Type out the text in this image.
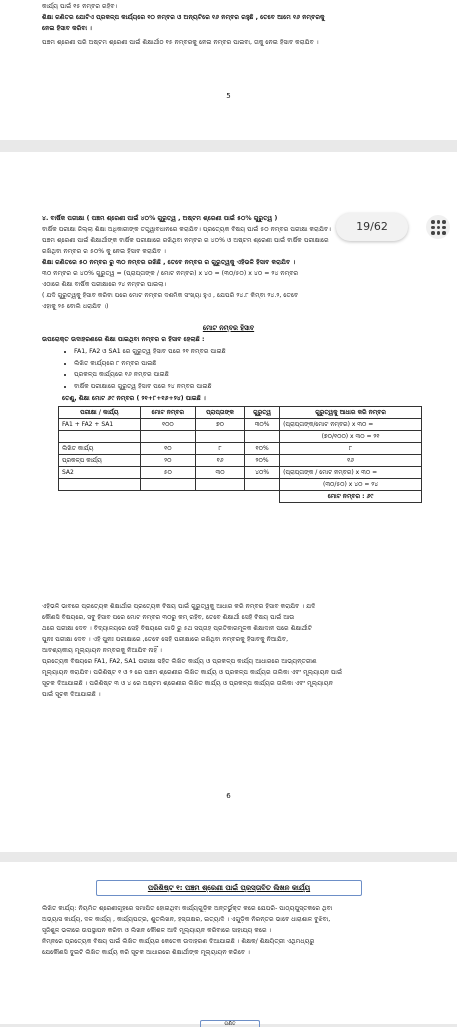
କାର୍ଯ୍ୟ ପାଇଁ ୧୫ ନମ୍ବର ରହିବ।
ଶିକ୍ଷା ଗଣିତର ଯୋଟିଏ ପ୍ରକଳ୍ପ କାର୍ଯ୍ୟରେ ୧୦ ନମ୍ବର ଓ ଅନ୍ୟଟିରେ ୧୬ ନମ୍ବର ରହୁଛି , ତେବେ ଆମେ ୧୬ ନମ୍ବରକୁ
ନେଇ ହିସାବ କରିବା ।
ପଞ୍ଚମ ଶ୍ରେଣୀ ପରି ଅଷ୍ଟମ ଶ୍ରେଣୀ ପାଇଁ ଶିକ୍ଷାର୍ଥୀଠ ୧୫ ନମ୍ବରକୁ ନେଇ ନମ୍ବର ପାଇବା, ତାକୁ ନେଇ ହିସାବ କରାଯିବ ।
5
୪. ବାର୍ଷିକ ପରୀକ୍ଷା ( ପଞ୍ଚମ ଶ୍ରେଣୀ ପାଇଁ ୪୦% ଗୁରୁତ୍ୱ , ଅଷ୍ଟମ ଶ୍ରେଣୀ ପାଇଁ ୫୦% ଗୁରୁତ୍ୱ )
ବାର୍ଷିକ ପରୀକ୍ଷା ଜିଲ୍ଲା ଶିକ୍ଷା ଅଧିକାରୀଙ୍କ ତତ୍ତ୍ୱାବଧାନରେ କରାଯିବ। ପ୍ରତ୍ୟେକ ବିଷୟ ପାଇଁ ୫୦ ନମ୍ବର ପରୀକ୍ଷା କରାଯିବ।
ପଞ୍ଚମ ଶ୍ରେଣୀ ପାଇଁ ଶିକ୍ଷାର୍ଥୀଙ୍କ ବାର୍ଷିକ ପରୀକ୍ଷାରେ ରଖିଥିବା ନମ୍ବର ର ୪୦% ଓ ଅଷ୍ଟମ ଶ୍ରେଣୀ ପାଇଁ ବାର୍ଷିକ ପରୀକ୍ଷାରେ
ରଖିଥିବା ନମ୍ବର ର ୫୦% କୁ ନେଇ ହିସାବ କରାଯିବ ।
ଶିକ୍ଷା ଗଣିତରେ ୫୦ ନମ୍ବର ରୁ ୩୦ ନମ୍ବର ରଖିଛି , ତେବେ ନମ୍ବର ର ଗୁରୁତ୍ୱକୁ ଏହିଭଳି ହିସାବ କରାଯିବ ।
୩୦ ନମ୍ବର ର ୪୦% ଗୁରୁତ୍ୱ = (ପ୍ରାପ୍ତାଙ୍କ / ମୋଟ ନମ୍ବର) x ୪୦ = (୩୦/୫୦) x ୪୦ = ୨୪ ନମ୍ବର
ଏଠାରେ ଶିକ୍ଷା ବାର୍ଷିକ ପରୀକ୍ଷାରେ ୨୪ ନମ୍ବର ପାଇଲା।
( ଯଦି ଗୁରୁତ୍ୱକୁ ହିସାବ କରିବା ପରେ ମୋଟ ନମ୍ବର ଦଶମିକ ସଂଖ୍ୟା ହୁଏ , ଯେପରି ୨୪.୮ କିମ୍ବା ୨୪.୨, ତେବେ
ଏହାକୁ ୨୫ ବୋଲି ଧରାଯିବ ।)
ମୋଟ ନମ୍ବର ହିସାବ
ଉପରୋକ୍ତ ଉଦାହରଣରେ ଶିକ୍ଷା ପାଇଥିବା ନମ୍ବର ର ହିସାବ ହେଲାଛି :
• FA1, FA2 ଓ SA1 ରେ ଗୁରୁତ୍ୱ ହିସାବ ପରେ ୨୧ ନମ୍ବର ପାଇଛି
• ଲିଖିତ କାର୍ଯ୍ୟରେ ୮ ନମ୍ବର ପାଇଛି
• ପ୍ରକଳ୍ପ କାର୍ଯ୍ୟରେ ୧୬ ନମ୍ବର ପାଇଛି
• ବାର୍ଷିକ ପରୀକ୍ଷାରେ ଗୁରୁତ୍ୱ ହିସାବ ପରେ ୨୪ ନମ୍ବର ପାଇଛି
ତେଣୁ, ଶିକ୍ଷା ମୋଟ ୬୯ ନମ୍ବର ( ୨୧+୮+୧୬+୨୪) ପାଇଛି ।
ପରୀକ୍ଷା / କାର୍ଯ୍ୟ	ମୋଟ ନମ୍ବର	ପ୍ରାପ୍ତାଙ୍କ	ଗୁରୁତ୍ୱ	ଗୁରୁତ୍ୱକୁ ଆଧାର କରି ନମ୍ବର
FA1 + FA2 + SA1	୧୦୦	୭୦	୩୦%	(ପ୍ରାପ୍ତାଙ୍କ/ମୋଟ ନମ୍ବର) x ୩୦ =
				(୭୦/୧୦୦) x ୩୦ = ୨୧
ଲିଖିତ କାର୍ଯ୍ୟ	୧୦	୮	୧୦%	୮
ପ୍ରକଳ୍ପ କାର୍ଯ୍ୟ	୨୦	୧୬	୨୦%	୧୬
SA2	୫୦	୩୦	୪୦%	(ପ୍ରାପ୍ତାଙ୍କ / ମୋଟ ନମ୍ବର) x ୩୦ =
				(୩୦/୫୦) x ୪୦ = ୨୪
				ମୋଟ ନମ୍ବର : ୬୯
ଏହିଭଳି ଭାବରେ ପ୍ରତ୍ୟେକ ଶିକ୍ଷାର୍ଥୀର ପ୍ରତ୍ୟେକ ବିଷୟ ପାଇଁ ଗୁରୁତ୍ୱକୁ ଆଧାର କରି ନମ୍ବର ହିସାବ କରାଯିବ । ଯଦି
କୌଣସି ବିଷୟରେ, ସବୁ ହିସାବ ପରେ ମୋଟ ନମ୍ବର ୩୦ରୁ କମ୍ ରହିବ, ତେବେ ଶିକ୍ଷାର୍ଥୀ ସେହି ବିଷୟ ପାଇଁ ଆଉ
ଥରେ ପରୀକ୍ଷା ଦେବ । ବିଦ୍ୟାଳୟରେ ସେହି ବିଷୟରେ ଗାଡି ରୁ ୫ଥ ସପ୍ତାହ ପ୍ରତିକାରମୂଳକ ଶିକ୍ଷାଦାନ ପରେ ଶିକ୍ଷାର୍ଥୀଟି
ପୁନଃ ପରୀକ୍ଷା ଦେବ । ଏହି ପୁନଃ ପରୀକ୍ଷାରେ ,ତେବେ ସେହି ପରୀକ୍ଷାରେ ରଖିଥିବା ନମ୍ବରକୁ ହିସାବକୁ ନିଆଯିବ,
ଆବଶ୍ୟକୀୟ ମୂଲ୍ୟାୟନ ନମ୍ବରକୁ ନିଆଯିବ ନାହିଁ ।
ପ୍ରତ୍ୟେକ ବିଷୟରେ FA1, FA2, SA1 ପରୀକ୍ଷା ସହିତ ଲିଖିତ କାର୍ଯ୍ୟ ଓ ପ୍ରକଳ୍ପ କାର୍ଯ୍ୟ ଆଧାରରେ ଆଭ୍ୟନ୍ତରୀଣ
ମୂଲ୍ୟାୟନ କରାଯିବ। ପରିଶିଷ୍ଟ ୧ ଓ ୨ ରେ ପଞ୍ଚମ ଶ୍ରେଣୀର ଲିଖିତ କାର୍ଯ୍ୟ ଓ ପ୍ରକଳ୍ପ କାର୍ଯ୍ୟର ତାଲିକା ଏବଂ ମୂଲ୍ୟାୟନ ପାଇଁ
ସୂଚକ ଦିଆଯାଇଛି । ପରିଶିଷ୍ଟ ୩ ଓ ୪ ରେ ଅଷ୍ଟମ ଶ୍ରେଣୀର ଲିଖିତ କାର୍ଯ୍ୟ ଓ ପ୍ରକଳ୍ପ କାର୍ଯ୍ୟର ତାଲିକା ଏବଂ ମୂଲ୍ୟାୟନ
ପାଇଁ ସୂଚକ ଦିଆଯାଇଛି ।
6
ପରିଶିଷ୍ଟ ୧: ପଞ୍ଚମ ଶ୍ରେଣୀ ପାଇଁ ପ୍ରସ୍ତାବିତ ଲିଖନ କାର୍ଯ୍ୟ
ଲିଖିତ କାର୍ଯ୍ୟ: ନିୟମିତ ଶ୍ରେଣୀଗୃହରେ ସମାପିତ ହୋଇଥିବା କାର୍ଯ୍ୟଗୁଡ଼ିକ ଅନ୍ତର୍ଭୁକ୍ତ କରେ ଯେପରି- ପାଠ୍ୟପୁସ୍ତକରେ ଥିବା
ଅଭ୍ୟାସ କାର୍ଯ୍ୟ, ଦଳ କାର୍ଯ୍ୟ , କାର୍ଯ୍ୟପତ୍ର, ଶୁତଲିଖନ, ହସ୍ତାକ୍ଷର, ଇତ୍ୟାଦି । ଏଗୁଡ଼ିକ ନିରନ୍ତର ଭାବେ ଧାରାଶାଳ ବୁଝିବା,
ସୃଜିଶୁଳ ଭଳୀରେ ଉପସ୍ଥାପନ କରିବା ଓ ଲିଖନ କୌଶଳ ଆଦି ମୂଲ୍ୟାୟନ କରିବାରେ ସାହାଯ୍ୟ କରେ ।
ନିମ୍ନରେ ପ୍ରତ୍ୟେକ ବିଷୟ ପାଇଁ ଲିଖିତ କାର୍ଯ୍ୟର କେତେକ ଉଦାହରଣ ଦିଆଯାଇଛି । ଶିକ୍ଷକ/ ଶିକ୍ଷୟିତ୍ରୀ ଏଥିମଧ୍ୟରୁ
ଯେକୌଣସି ଦୁଇଟି ଲିଖିତ କାର୍ଯ୍ୟ କରି ସୂଚକ ଆଧାରରେ ଶିକ୍ଷାର୍ଥୀଙ୍କ ମୂଲ୍ୟାୟନ କରିବେ ।
ଗଣିତ
19/62
